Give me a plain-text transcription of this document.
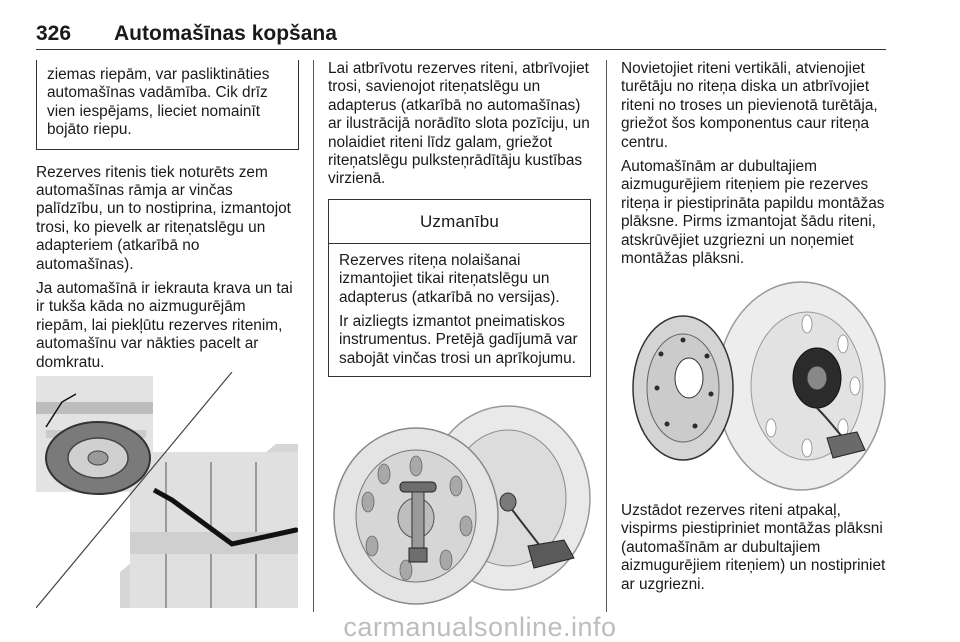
326 Automašīnas kopšana

ziemas riepām, var pasliktināties automašīnas vadāmība. Cik drīz vien iespējams, lieciet nomainīt bojāto riepu.

Rezerves ritenis tiek noturēts zem automašīnas rāmja ar vinčas palīdzību, un to nostiprina, izmantojot trosi, ko pievelk ar riteņatslēgu un adapteriem (atkarībā no automašīnas).

Ja automašīnā ir iekrauta krava un tai ir tukša kāda no aizmugurējām riepām, lai piekļūtu rezerves ritenim, automašīnu var nākties pacelt ar domkratu.

Lai atbrīvotu rezerves riteni, atbrīvojiet trosi, savienojot riteņatslēgu un adapterus (atkarībā no automašīnas) ar ilustrācijā norādīto slota pozīciju, un nolaidiet riteni līdz galam, griežot riteņatslēgu pulksteņrādītāju kustības virzienā.

Uzmanību

Rezerves riteņa nolaišanai izmantojiet tikai riteņatslēgu un adapterus (atkarībā no versijas).

Ir aizliegts izmantot pneimatiskos instrumentus. Pretējā gadījumā var sabojāt vinčas trosi un aprīkojumu.

Novietojiet riteni vertikāli, atvienojiet turētāju no riteņa diska un atbrīvojiet riteni no troses un pievienotā turētāja, griežot šos komponentus caur riteņa centru.

Automašīnām ar dubultajiem aizmugurējiem riteņiem pie rezerves riteņa ir piestiprināta papildu montāžas plāksne. Pirms izmantojat šādu riteni, atskrūvējiet uzgriezni un noņemiet montāžas plāksni.

Uzstādot rezerves riteni atpakaļ, vispirms piestipriniet montāžas plāksni (automašīnām ar dubultajiem aizmugurējiem riteņiem) un nostipriniet ar uzgriezni.

carmanualsonline.info
